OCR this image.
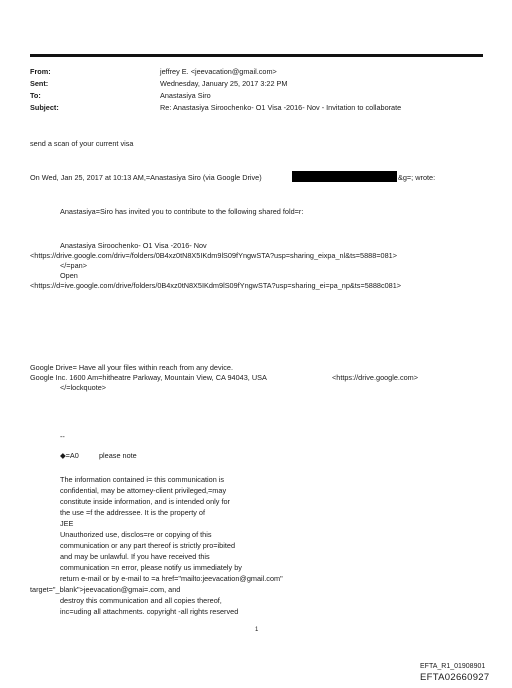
From:	jeffrey E. <jeevacation@gmail.com>
Sent:	Wednesday, January 25, 2017 3:22 PM
To:	Anastasiya Siro
Subject:	Re: Anastasiya Siroochenko- O1 Visa -2016- Nov - Invitation to collaborate
send a scan of your current visa
On Wed, Jan 25, 2017 at 10:13 AM,=Anastasiya Siro (via Google Drive)	&g=; wrote:
Anastasiya=Siro has invited you to contribute to the following shared fold=r:
Anastasiya Siroochenko- O1 Visa -2016- Nov
<https://drive.google.com/driv=/folders/0B4xz0tN8X5IKdm9lS09fYngwSTA?usp=sharing_eixpa_nl&ts=5888=081>
</=pan>
Open
<https://d=ive.google.com/drive/folders/0B4xz0tN8X5IKdm9lS09fYngwSTA?usp=sharing_ei=pa_np&ts=5888c081>
Google Drive= Have all your files within reach from any device.
Google Inc. 1600 Am=hitheatre Parkway, Mountain View, CA 94043, USA	<https://drive.google.com>
</=lockquote>
--
◆=A0	please note
The information contained i= this communication is
confidential, may be attorney-client privileged,=may
constitute inside information, and is intended only for
the use =f the addressee. It is the property of
JEE
Unauthorized use, disclos=re or copying of this
communication or any part thereof is strictly pro=ibited
and may be unlawful. If you have received this
communication =n error, please notify us immediately by
return e-mail or by e-mail to =a href="mailto:jeevacation@gmail.com"
target="_blank">jeevacation@gmai=.com, and
destroy this communication and all copies thereof,
inc=uding all attachments. copyright -all rights reserved
1
EFTA_R1_01908901
EFTA02660927
